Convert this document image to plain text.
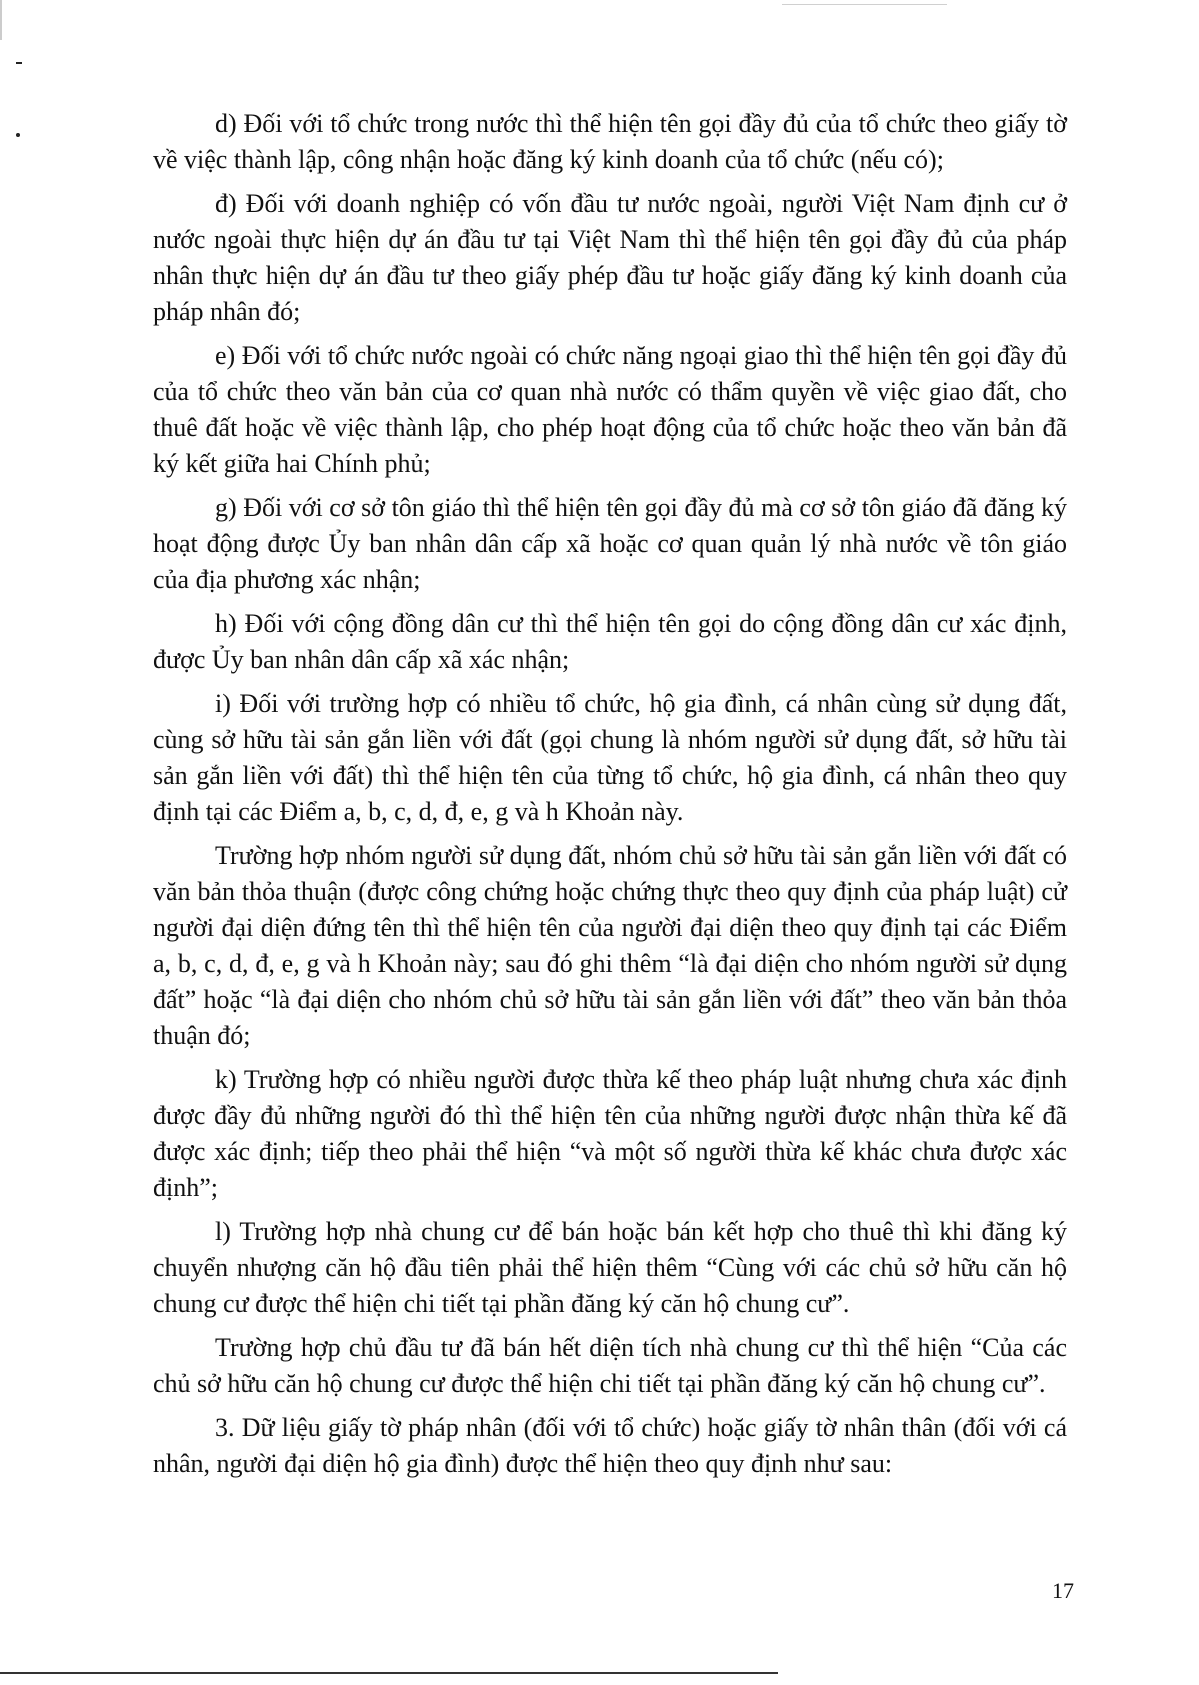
d) Đối với tổ chức trong nước thì thể hiện tên gọi đầy đủ của tổ chức theo giấy tờ về việc thành lập, công nhận hoặc đăng ký kinh doanh của tổ chức (nếu có);

đ) Đối với doanh nghiệp có vốn đầu tư nước ngoài, người Việt Nam định cư ở nước ngoài thực hiện dự án đầu tư tại Việt Nam thì thể hiện tên gọi đầy đủ của pháp nhân thực hiện dự án đầu tư theo giấy phép đầu tư hoặc giấy đăng ký kinh doanh của pháp nhân đó;

e) Đối với tổ chức nước ngoài có chức năng ngoại giao thì thể hiện tên gọi đầy đủ của tổ chức theo văn bản của cơ quan nhà nước có thẩm quyền về việc giao đất, cho thuê đất hoặc về việc thành lập, cho phép hoạt động của tổ chức hoặc theo văn bản đã ký kết giữa hai Chính phủ;

g) Đối với cơ sở tôn giáo thì thể hiện tên gọi đầy đủ mà cơ sở tôn giáo đã đăng ký hoạt động được Ủy ban nhân dân cấp xã hoặc cơ quan quản lý nhà nước về tôn giáo của địa phương xác nhận;

h) Đối với cộng đồng dân cư thì thể hiện tên gọi do cộng đồng dân cư xác định, được Ủy ban nhân dân cấp xã xác nhận;

i) Đối với trường hợp có nhiều tổ chức, hộ gia đình, cá nhân cùng sử dụng đất, cùng sở hữu tài sản gắn liền với đất (gọi chung là nhóm người sử dụng đất, sở hữu tài sản gắn liền với đất) thì thể hiện tên của từng tổ chức, hộ gia đình, cá nhân theo quy định tại các Điểm a, b, c, d, đ, e, g và h Khoản này.

Trường hợp nhóm người sử dụng đất, nhóm chủ sở hữu tài sản gắn liền với đất có văn bản thỏa thuận (được công chứng hoặc chứng thực theo quy định của pháp luật) cử người đại diện đứng tên thì thể hiện tên của người đại diện theo quy định tại các Điểm a, b, c, d, đ, e, g và h Khoản này; sau đó ghi thêm “là đại diện cho nhóm người sử dụng đất” hoặc “là đại diện cho nhóm chủ sở hữu tài sản gắn liền với đất” theo văn bản thỏa thuận đó;

k) Trường hợp có nhiều người được thừa kế theo pháp luật nhưng chưa xác định được đầy đủ những người đó thì thể hiện tên của những người được nhận thừa kế đã được xác định; tiếp theo phải thể hiện “và một số người thừa kế khác chưa được xác định”;

l) Trường hợp nhà chung cư để bán hoặc bán kết hợp cho thuê thì khi đăng ký chuyển nhượng căn hộ đầu tiên phải thể hiện thêm “Cùng với các chủ sở hữu căn hộ chung cư được thể hiện chi tiết tại phần đăng ký căn hộ chung cư”.

Trường hợp chủ đầu tư đã bán hết diện tích nhà chung cư thì thể hiện “Của các chủ sở hữu căn hộ chung cư được thể hiện chi tiết tại phần đăng ký căn hộ chung cư”.

3. Dữ liệu giấy tờ pháp nhân (đối với tổ chức) hoặc giấy tờ nhân thân (đối với cá nhân, người đại diện hộ gia đình) được thể hiện theo quy định như sau:

17
